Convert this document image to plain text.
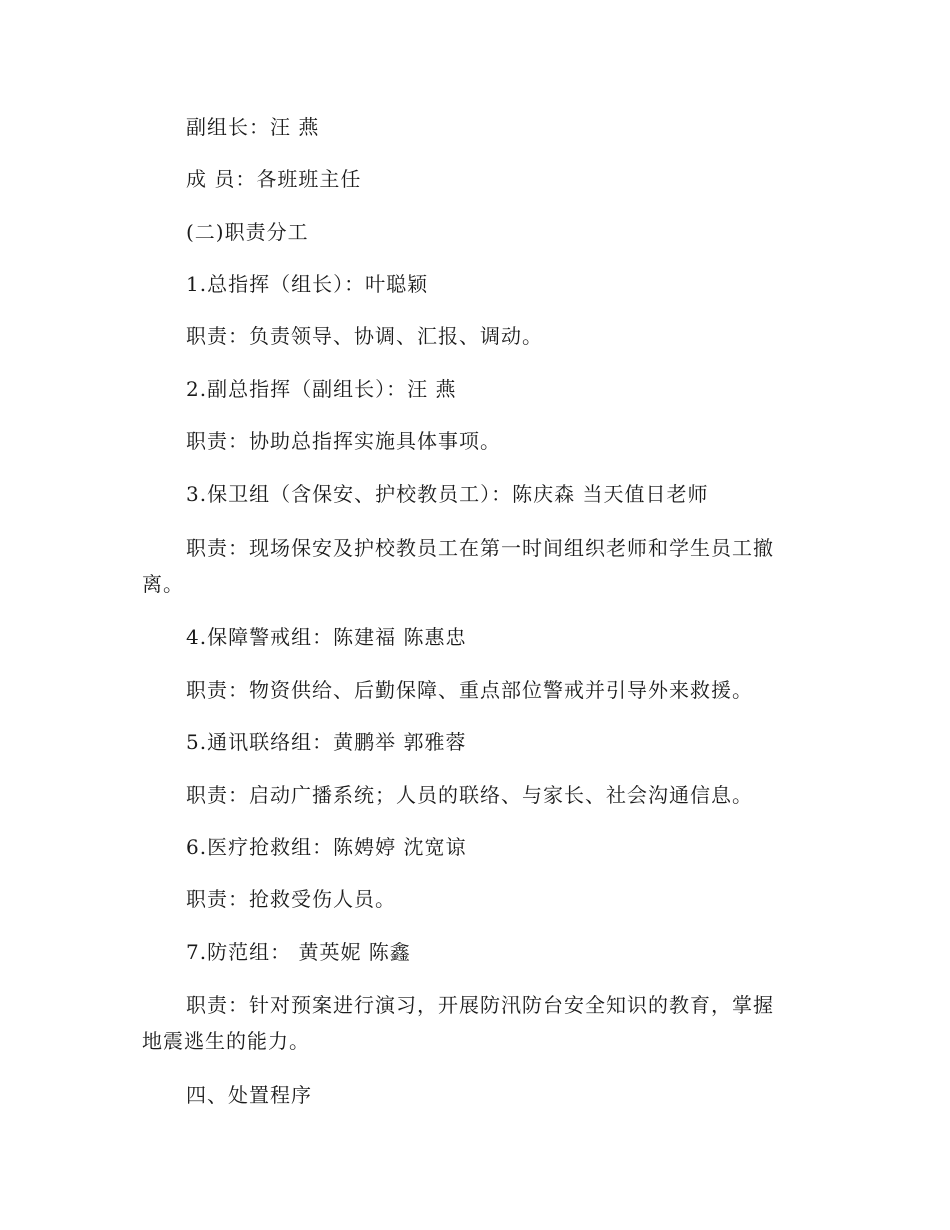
副组长：汪 燕
成 员：各班班主任
(二)职责分工
1.总指挥（组长）：叶聪颖
职责：负责领导、协调、汇报、调动。
2.副总指挥（副组长）：汪 燕
职责：协助总指挥实施具体事项。
3.保卫组（含保安、护校教员工）：陈庆森 当天值日老师
职责：现场保安及护校教员工在第一时间组织老师和学生员工撤
离。
4.保障警戒组：陈建福 陈惠忠
职责：物资供给、后勤保障、重点部位警戒并引导外来救援。
5.通讯联络组：黄鹏举 郭雅蓉
职责：启动广播系统；人员的联络、与家长、社会沟通信息。
6.医疗抢救组：陈娉婷 沈宽谅
职责：抢救受伤人员。
7.防范组： 黄英妮 陈鑫
职责：针对预案进行演习，开展防汛防台安全知识的教育，掌握
地震逃生的能力。
四、处置程序
